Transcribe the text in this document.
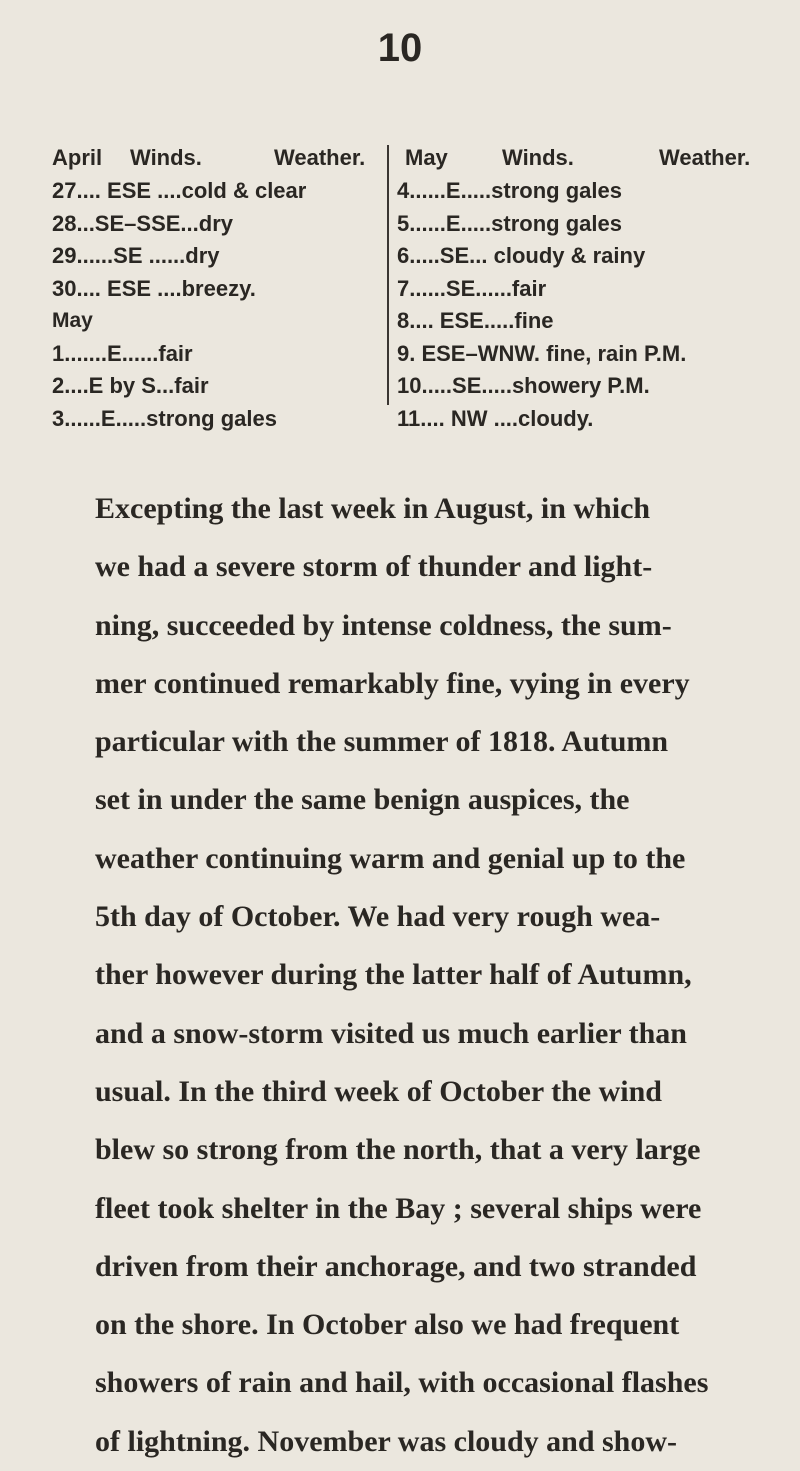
10
April Winds.	Weather.
27.... ESE ....cold & clear
28...SE–SSE...dry
29......SE ......dry
30.... ESE ....breezy.
May
1.......E......fair
2....E by S...fair
3......E.....strong gales
May Winds.	Weather.
4......E.....strong gales
5......E.....strong gales
6.....SE... cloudy & rainy
7......SE......fair
8.... ESE.....fine
9. ESE–WNW. fine, rain P.M.
10.....SE.....showery P.M.
11.... NW ....cloudy.
Excepting the last week in August, in which
we had a severe storm of thunder and light-
ning, succeeded by intense coldness, the sum-
mer continued remarkably fine, vying in every
particular with the summer of 1818. Autumn
set in under the same benign auspices, the
weather continuing warm and genial up to the
5th day of October. We had very rough wea-
ther however during the latter half of Autumn,
and a snow-storm visited us much earlier than
usual. In the third week of October the wind
blew so strong from the north, that a very large
fleet took shelter in the Bay ; several ships were
driven from their anchorage, and two stranded
on the shore. In October also we had frequent
showers of rain and hail, with occasional flashes
of lightning. November was cloudy and show-
